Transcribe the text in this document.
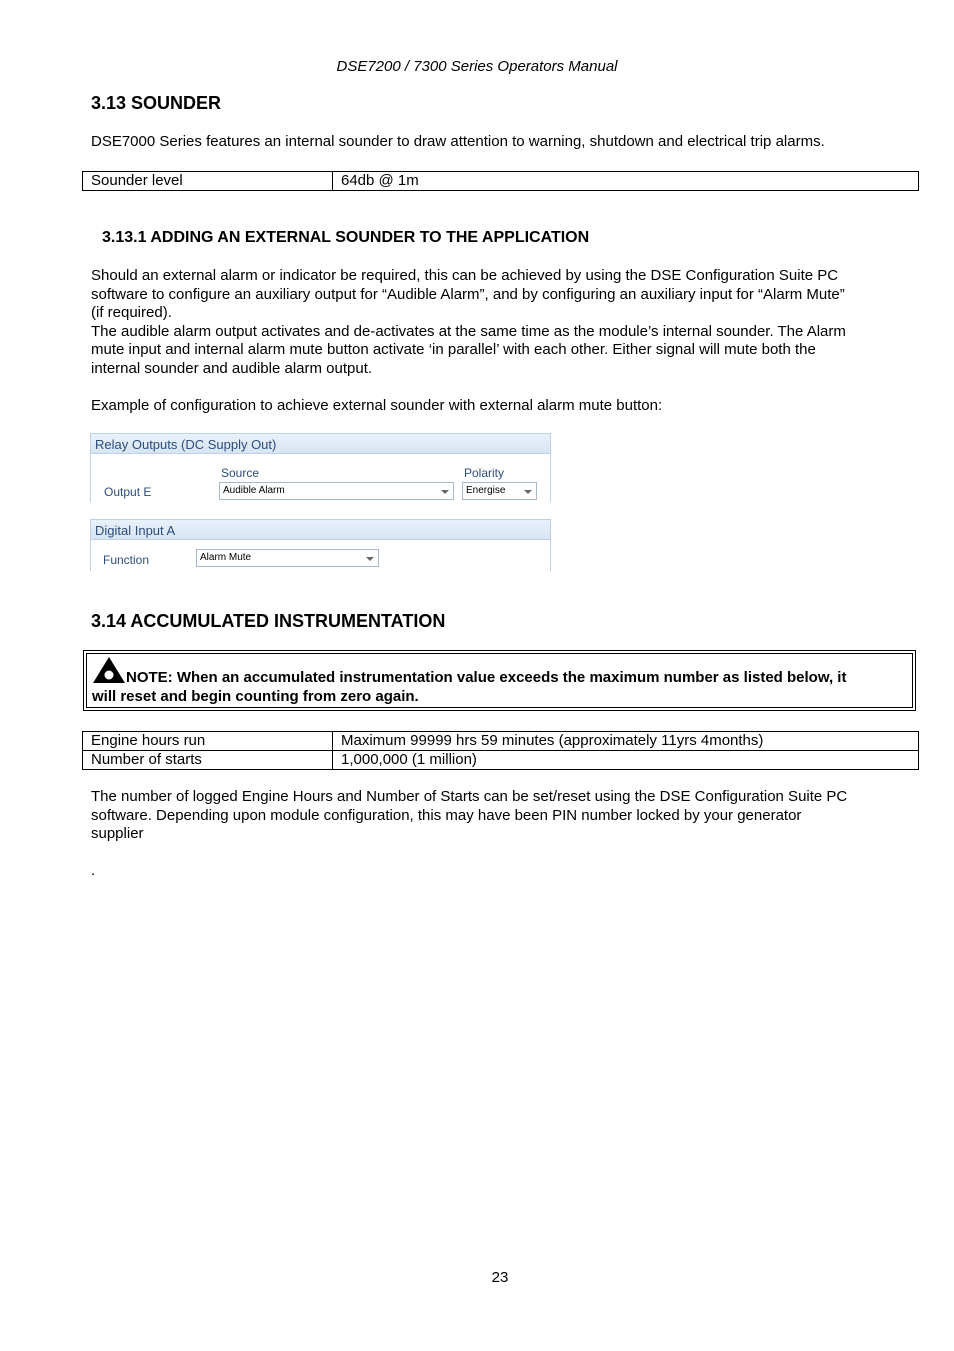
DSE7200 / 7300 Series Operators Manual
3.13 SOUNDER

DSE7000 Series features an internal sounder to draw attention to warning, shutdown and electrical trip alarms.

Sounder level	64db @ 1m
3.13.1 ADDING AN EXTERNAL SOUNDER TO THE APPLICATION

Should an external alarm or indicator be required, this can be achieved by using the DSE Configuration Suite PC

software to configure an auxiliary output for “Audible Alarm”, and by configuring an auxiliary input for “Alarm Mute”

(if required).

The audible alarm output activates and de-activates at the same time as the module’s internal sounder. The Alarm

mute input and internal alarm mute button activate ‘in parallel’ with each other. Either signal will mute both the

internal sounder and audible alarm output.

Example of configuration to achieve external sounder with external alarm mute button:

Relay Outputs (DC Supply Out)
Source	Polarity
Output E	Audible Alarm	Energise
Digital Input A
Function	Alarm Mute
3.14 ACCUMULATED INSTRUMENTATION
NOTE: When an accumulated instrumentation value exceeds the maximum number as listed below, it
will reset and begin counting from zero again.
Engine hours run	Maximum 99999 hrs 59 minutes (approximately 11yrs 4months)
Number of starts	1,000,000 (1 million)

The number of logged Engine Hours and Number of Starts can be set/reset using the DSE Configuration Suite PC

software. Depending upon module configuration, this may have been PIN number locked by your generator

supplier

.

23
